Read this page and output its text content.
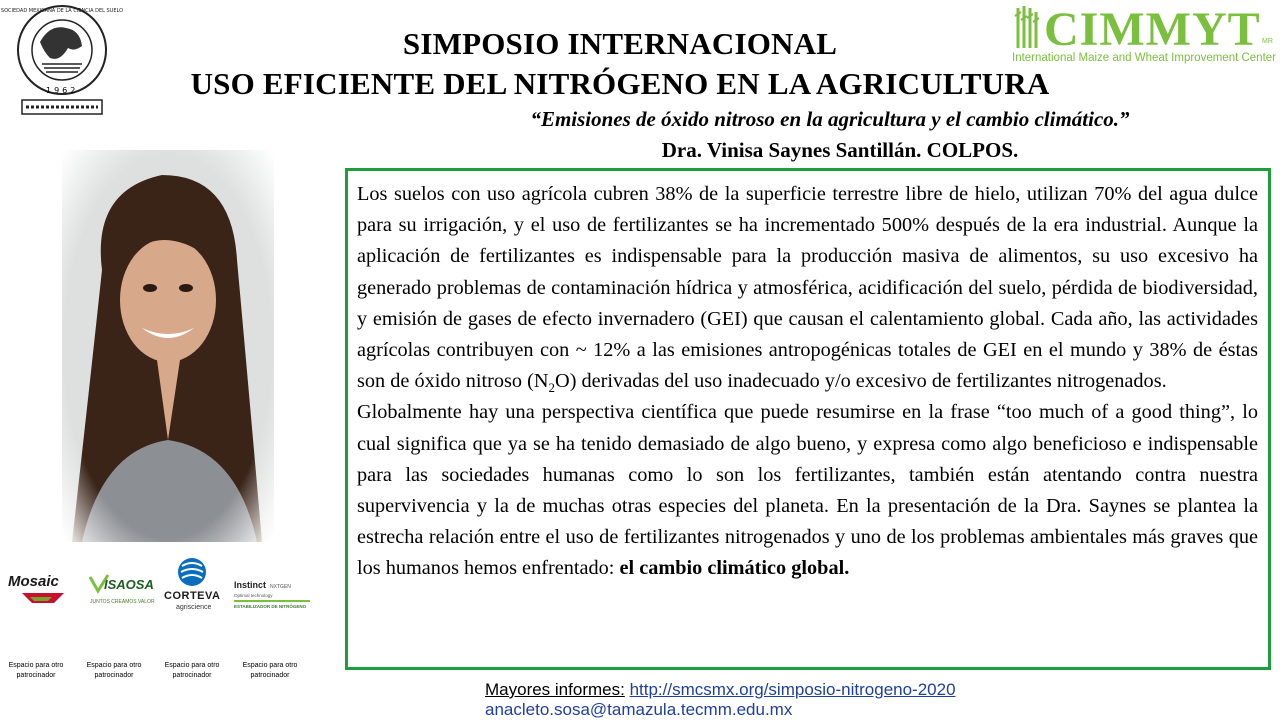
SOCIEDAD MEXICANA DE LA CIENCIA DEL SUELO
1962
CIMMYT MR
International Maize and Wheat Improvement Center
SIMPOSIO INTERNACIONAL
USO EFICIENTE DEL NITRÓGENO EN LA AGRICULTURA
“Emisiones de óxido nitroso en la agricultura y el cambio climático.”
Dra. Vinisa Saynes Santillán. COLPOS.
Mosaic	ISAOSA
JUNTOS CREAMOS VALOR CORTEVA
agriscience
Instinct NXTGEN
Optimal technology
ESTABILIZADOR DE NITRÓGENO
Espacio para otro patrocinador
Espacio para otro patrocinador
Espacio para otro patrocinador
Espacio para otro patrocinador

Los suelos con uso agrícola cubren 38% de la superficie terrestre libre de hielo, utilizan 70% del agua dulce para su irrigación, y el uso de fertilizantes se ha incrementado 500% después de la era industrial. Aunque la aplicación de fertilizantes es indispensable para la producción masiva de alimentos, su uso excesivo ha generado problemas de contaminación hídrica y atmosférica, acidificación del suelo, pérdida de biodiversidad, y emisión de gases de efecto invernadero (GEI) que causan el calentamiento global. Cada año, las actividades agrícolas contribuyen con ~ 12% a las emisiones antropogénicas totales de GEI en el mundo y 38% de éstas son de óxido nitroso $(N_2O)$ derivadas del uso inadecuado y/o excesivo de fertilizantes nitrogenados.

Globalmente hay una perspectiva científica que puede resumirse en la frase “too much of a good thing”, lo cual significa que ya se ha tenido demasiado de algo bueno, y expresa como algo beneficioso e indispensable para las sociedades humanas como lo son los fertilizantes, también están atentando contra nuestra supervivencia y la de muchas otras especies del planeta. En la presentación de la Dra. Saynes se plantea la estrecha relación entre el uso de fertilizantes nitrogenados y uno de los problemas ambientales más graves que los humanos hemos enfrentado: el cambio climático global.

Mayores informes: http://smcsmx.org/simposio-nitrogeno-2020
anacleto.sosa@tamazula.tecmm.edu.mx
